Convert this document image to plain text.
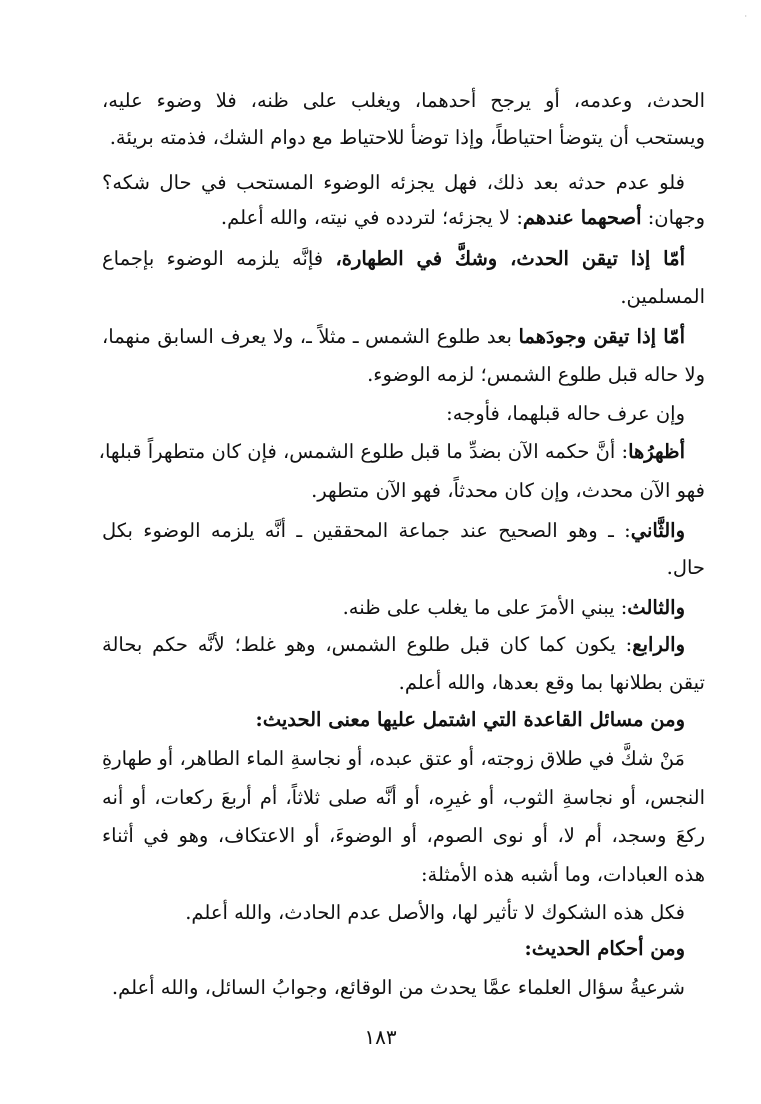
·
الحدث، وعدمه، أو يرجح أحدهما، ويغلب على ظنه، فلا وضوء عليه،
ويستحب أن يتوضأ احتياطاً، وإذا توضأ للاحتياط مع دوام الشك، فذمته بريئة.
فلو عدم حدثه بعد ذلك، فهل يجزئه الوضوء المستحب في حال شكه؟
وجهان: أصحهما عندهم: لا يجزئه؛ لتردده في نيته، والله أعلم.
أمّا إذا تيقن الحدث، وشكَّ في الطهارة، فإنَّه يلزمه الوضوء بإجماع
المسلمين.
أمّا إذا تيقن وجودَهما بعد طلوع الشمس ـ مثلاً ـ، ولا يعرف السابق منهما،
ولا حاله قبل طلوع الشمس؛ لزمه الوضوء.
وإن عرف حاله قبلهما، فأوجه:
أظهرُها: أنَّ حكمه الآن بضدِّ ما قبل طلوع الشمس، فإن كان متطهراً قبلها،
فهو الآن محدث، وإن كان محدثاً، فهو الآن متطهر.
والثَّاني: ـ وهو الصحيح عند جماعة المحققين ـ أنَّه يلزمه الوضوء بكل
حال.
والثالث: يبني الأمرَ على ما يغلب على ظنه.
والرابع: يكون كما كان قبل طلوع الشمس، وهو غلط؛ لأنَّه حكم بحالة
تيقن بطلانها بما وقع بعدها، والله أعلم.
ومن مسائل القاعدة التي اشتمل عليها معنى الحديث:
مَنْ شكَّ في طلاق زوجته، أو عتق عبده، أو نجاسةِ الماء الطاهر، أو طهارةِ
النجس، أو نجاسةِ الثوب، أو غيرِه، أو أنَّه صلى ثلاثاً، أم أربعَ ركعات، أو أنه
ركعَ وسجد، أم لا، أو نوى الصوم، أو الوضوءَ، أو الاعتكاف، وهو في أثناء
هذه العبادات، وما أشبه هذه الأمثلة:
فكل هذه الشكوك لا تأثير لها، والأصل عدم الحادث، والله أعلم.
ومن أحكام الحديث:
شرعيةُ سؤال العلماء عمَّا يحدث من الوقائع، وجوابُ السائل، والله أعلم.
١٨٣
